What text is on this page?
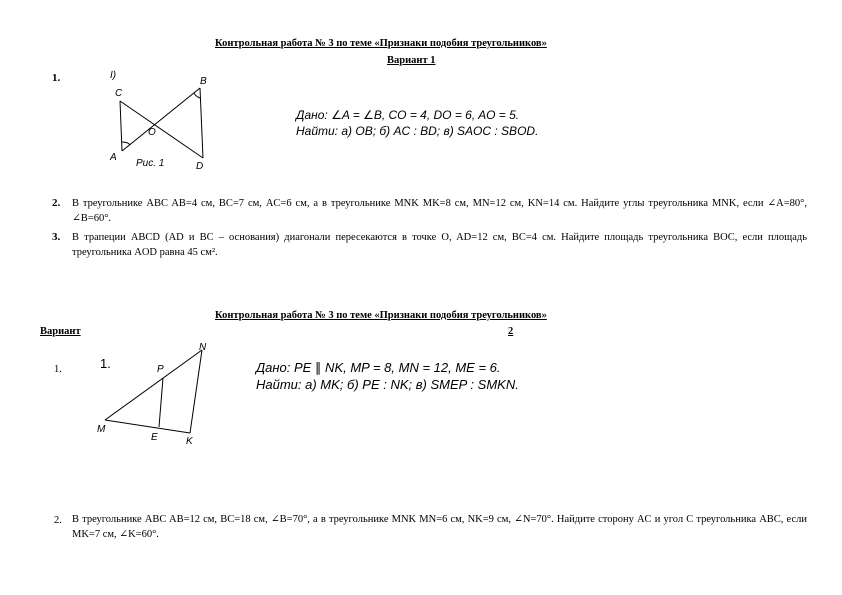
Контрольная работа № 3 по теме «Признаки подобия треугольников»
Вариант 1
1.	I)
C
B
O
A
D
Рис. 1
Дано: ∠A = ∠B, CO = 4, DO = 6, AO = 5.
Найти: а) OB; б) AC : BD; в) SAOC : SBOD.
2. В треугольнике ABC AB=4 см, BC=7 см, AC=6 см, а в треугольнике MNK MK=8 см, MN=12 см, KN=14 см. Найдите углы треугольника MNK, если ∠A=80°, ∠B=60°.
3. В трапеции ABCD (AD и BC – основания) диагонали пересекаются в точке O, AD=12 см, BC=4 см. Найдите площадь треугольника BOC, если площадь треугольника AOD равна 45 см².
Контрольная работа № 3 по теме «Признаки подобия треугольников»
Вариант	2
1.	1.	P
N
M
E	K
Дано: PE ∥ NK, MP = 8, MN = 12, ME = 6.
Найти: а) MK; б) PE : NK; в) SMEP : SMKN.
2. В треугольнике ABC AB=12 см, BC=18 см, ∠B=70°, а в треугольнике MNK MN=6 см, NK=9 см, ∠N=70°. Найдите сторону AC и угол C треугольника ABC, если MK=7 см, ∠K=60°.
